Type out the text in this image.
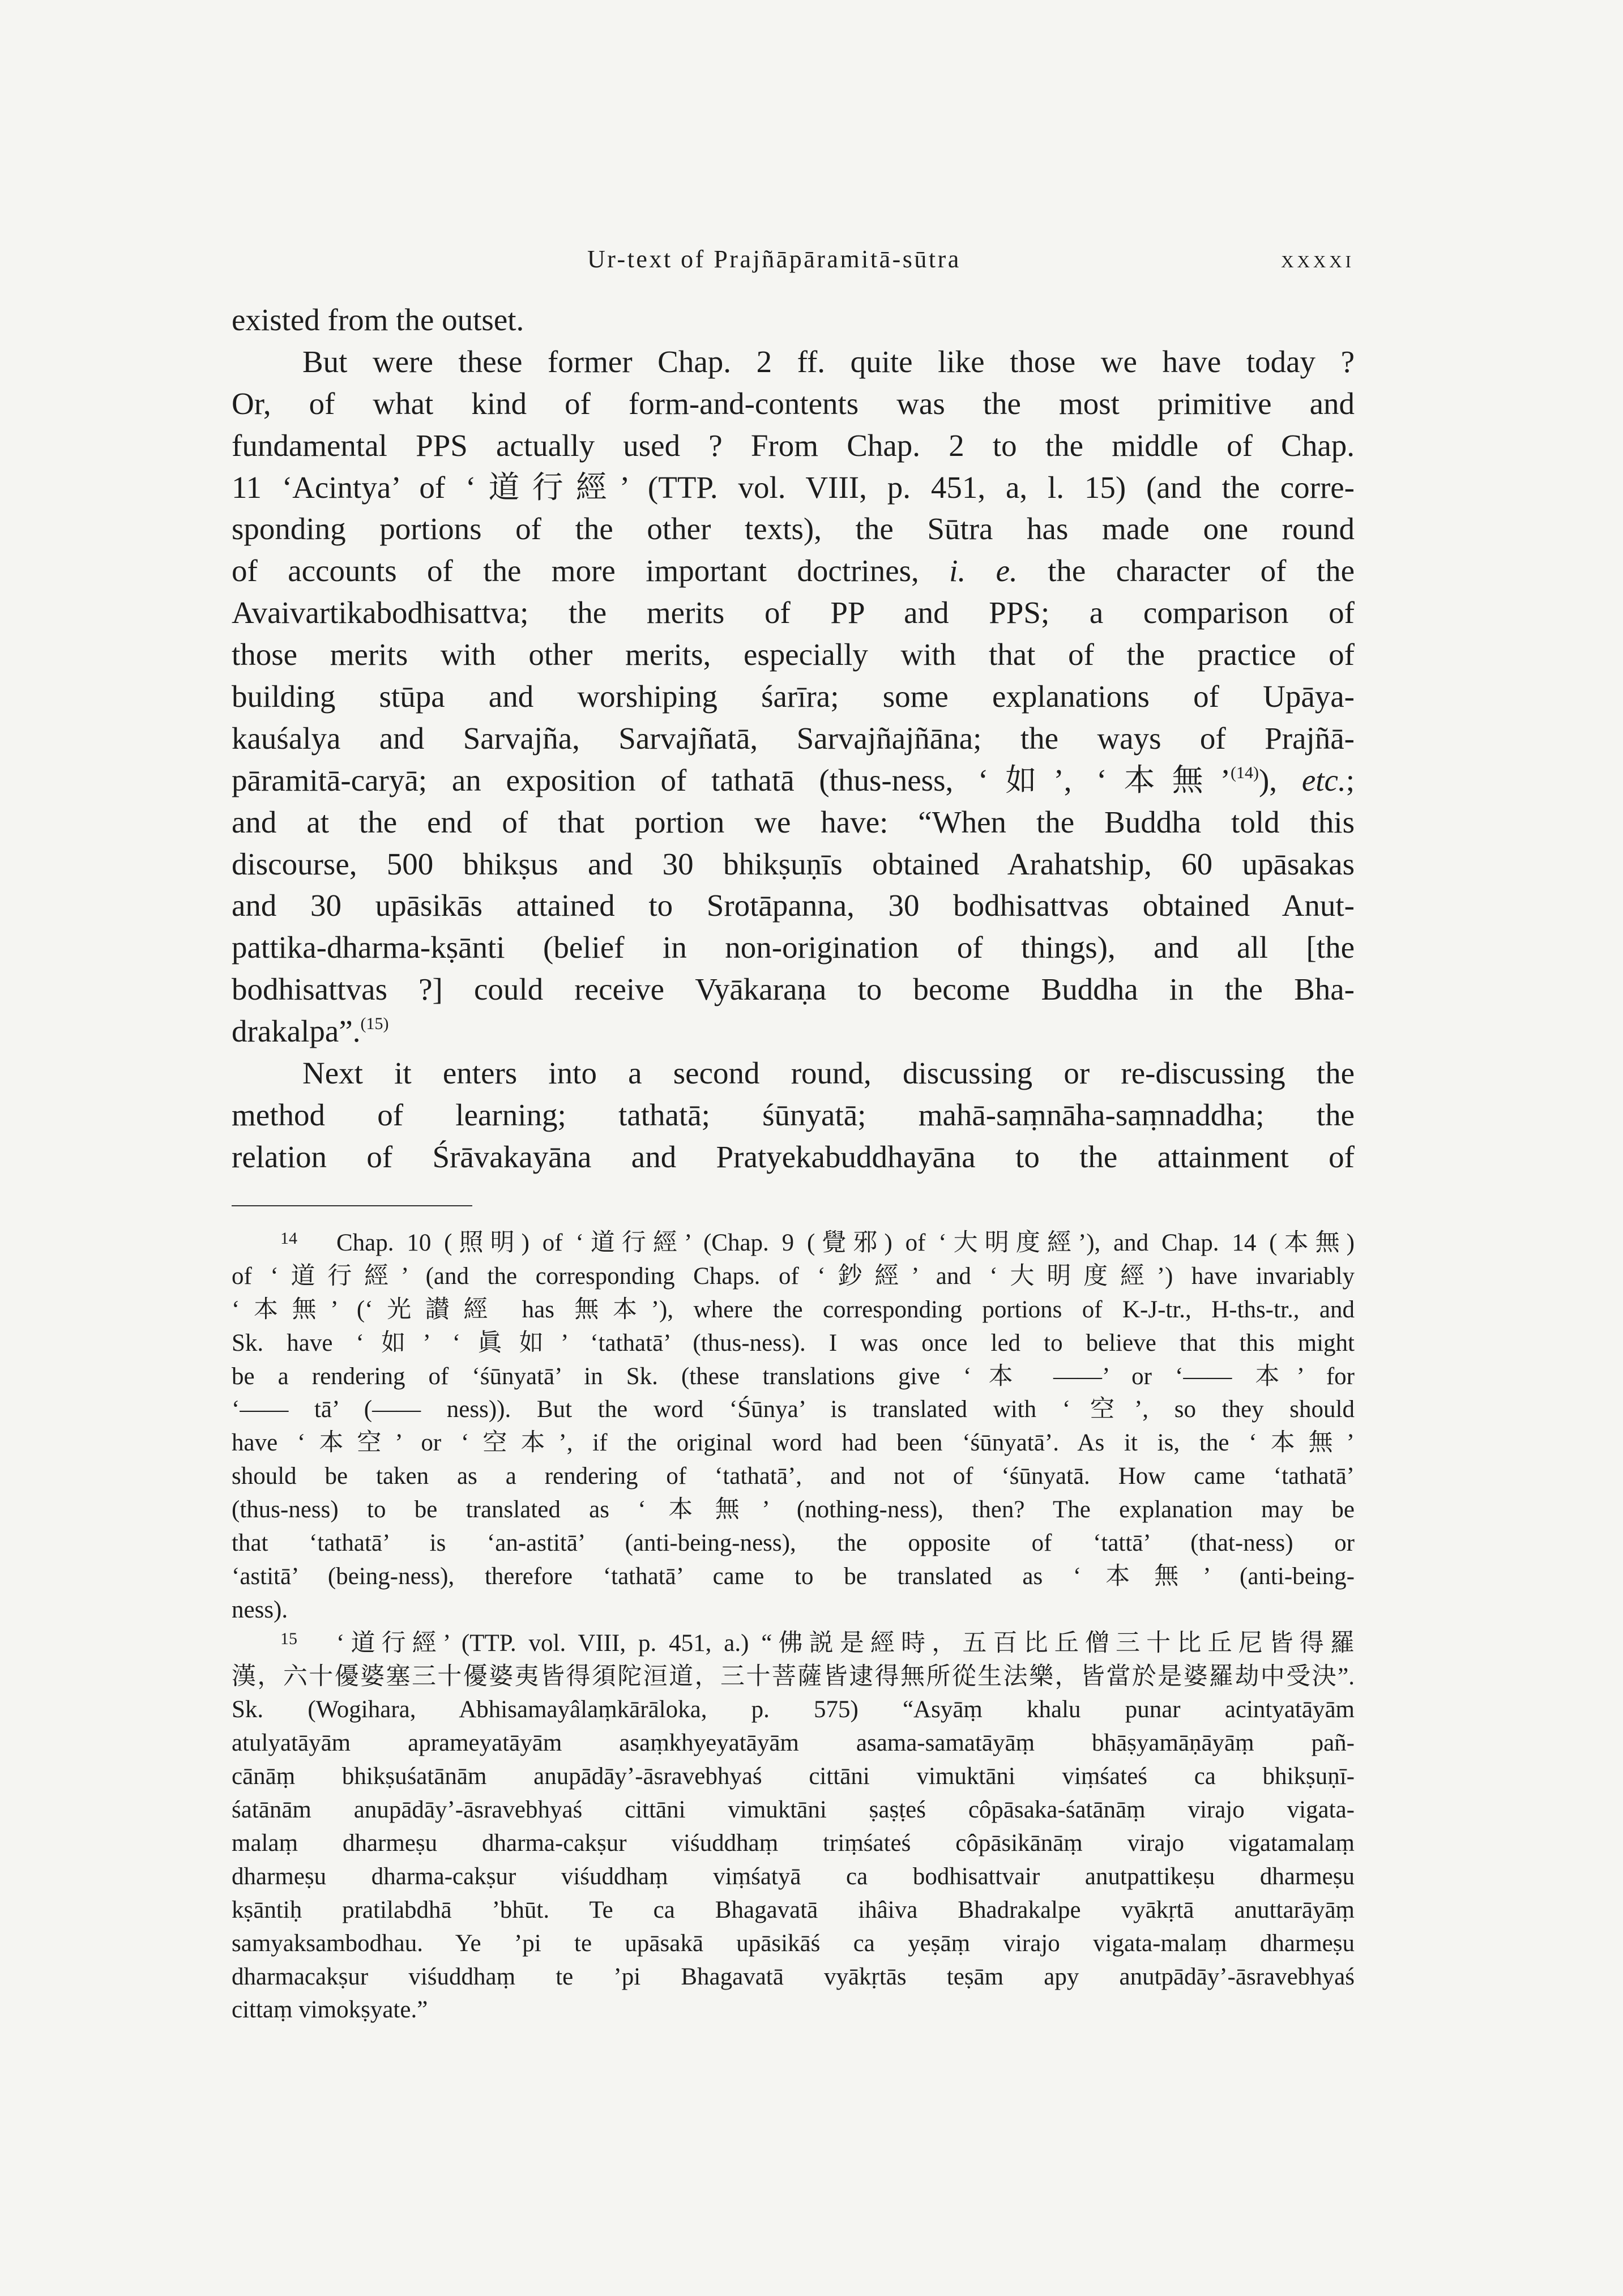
Ur-text of Prajñāpāramitā-sūtra	xxxxi
existed from the outset.
But were these former Chap. 2 ff. quite like those we have today ?
Or, of what kind of form-and-contents was the most primitive and
fundamental PPS actually used ? From Chap. 2 to the middle of Chap.
11 ‘Acintya’ of ‘道行經’ (TTP. vol. VIII, p. 451, a, l. 15) (and the corre-
sponding portions of the other texts), the Sūtra has made one round
of accounts of the more important doctrines, i. e. the character of the
Avaivartikabodhisattva; the merits of PP and PPS; a comparison of
those merits with other merits, especially with that of the practice of
building stūpa and worshiping śarīra; some explanations of Upāya-
kauśalya and Sarvajña, Sarvajñatā, Sarvajñajñāna; the ways of Prajñā-
pāramitā-caryā; an exposition of tathatā (thus-ness, ‘如’, ‘本無’$^{(14)}$), etc.;
and at the end of that portion we have: “When the Buddha told this
discourse, 500 bhikṣus and 30 bhikṣuṇīs obtained Arahatship, 60 upāsakas
and 30 upāsikās attained to Srotāpanna, 30 bodhisattvas obtained Anut-
pattika-dharma-kṣānti (belief in non-origination of things), and all [the
bodhisattvas ?] could receive Vyākaraṇa to become Buddha in the Bha-
drakalpa”.$^{(15)}$
Next it enters into a second round, discussing or re-discussing the
method of learning; tathatā; śūnyatā; mahā-saṃnāha-saṃnaddha; the
relation of Śrāvakayāna and Pratyekabuddhayāna to the attainment of
14 Chap. 10 (照明) of ‘道行經’ (Chap. 9 (覺邪) of ‘大明度經’), and Chap. 14 (本無)
of ‘道行經’ (and the corresponding Chaps. of ‘鈔經’ and ‘大明度經’) have invariably
‘本無’ (‘光讃經 has 無本’), where the corresponding portions of K-J-tr., H-ths-tr., and
Sk. have ‘如’ ‘眞如’ ‘tathatā’ (thus-ness). I was once led to believe that this might
be a rendering of ‘śūnyatā’ in Sk. (these translations give ‘本 ——’ or ‘—— 本’ for
‘—— tā’ (—— ness)). But the word ‘Śūnya’ is translated with ‘空’, so they should
have ‘本空’ or ‘空本’, if the original word had been ‘śūnyatā’. As it is, the ‘本無’
should be taken as a rendering of ‘tathatā’, and not of ‘śūnyatā. How came ‘tathatā’
(thus-ness) to be translated as ‘本無’ (nothing-ness), then? The explanation may be
that ‘tathatā’ is ‘an-astitā’ (anti-being-ness), the opposite of ‘tattā’ (that-ness) or
‘astitā’ (being-ness), therefore ‘tathatā’ came to be translated as ‘本無’ (anti-being-
ness).
15 ‘道行經’ (TTP. vol. VIII, p. 451, a.) “佛説是經時，五百比丘僧三十比丘尼皆得羅
漢，六十優婆塞三十優婆夷皆得須陀洹道，三十菩薩皆逮得無所從生法樂，皆當於是婆羅劫中受決”.
Sk. (Wogihara, Abhisamayâlaṃkārāloka, p. 575) “Asyāṃ khalu punar acintyatāyām
atulyatāyām aprameyatāyām asaṃkhyeyatāyām asama-samatāyāṃ bhāṣyamāṇāyāṃ pañ-
cānāṃ bhikṣuśatānām anupādāy’-āsravebhyaś cittāni vimuktāni viṃśateś ca bhikṣuṇī-
śatānām anupādāy’-āsravebhyaś cittāni vimuktāni ṣaṣṭeś côpāsaka-śatānāṃ virajo vigata-
malaṃ dharmeṣu dharma-cakṣur viśuddhaṃ triṃśateś côpāsikānāṃ virajo vigatamalaṃ
dharmeṣu dharma-cakṣur viśuddhaṃ viṃśatyā ca bodhisattvair anutpattikeṣu dharmeṣu
kṣāntiḥ pratilabdhā ’bhūt. Te ca Bhagavatā ihâiva Bhadrakalpe vyākṛtā anuttarāyāṃ
samyaksambodhau. Ye ’pi te upāsakā upāsikāś ca yeṣāṃ virajo vigata-malaṃ dharmeṣu
dharmacakṣur viśuddhaṃ te ’pi Bhagavatā vyākṛtās teṣām apy anutpādāy’-āsravebhyaś
cittaṃ vimokṣyate.”
